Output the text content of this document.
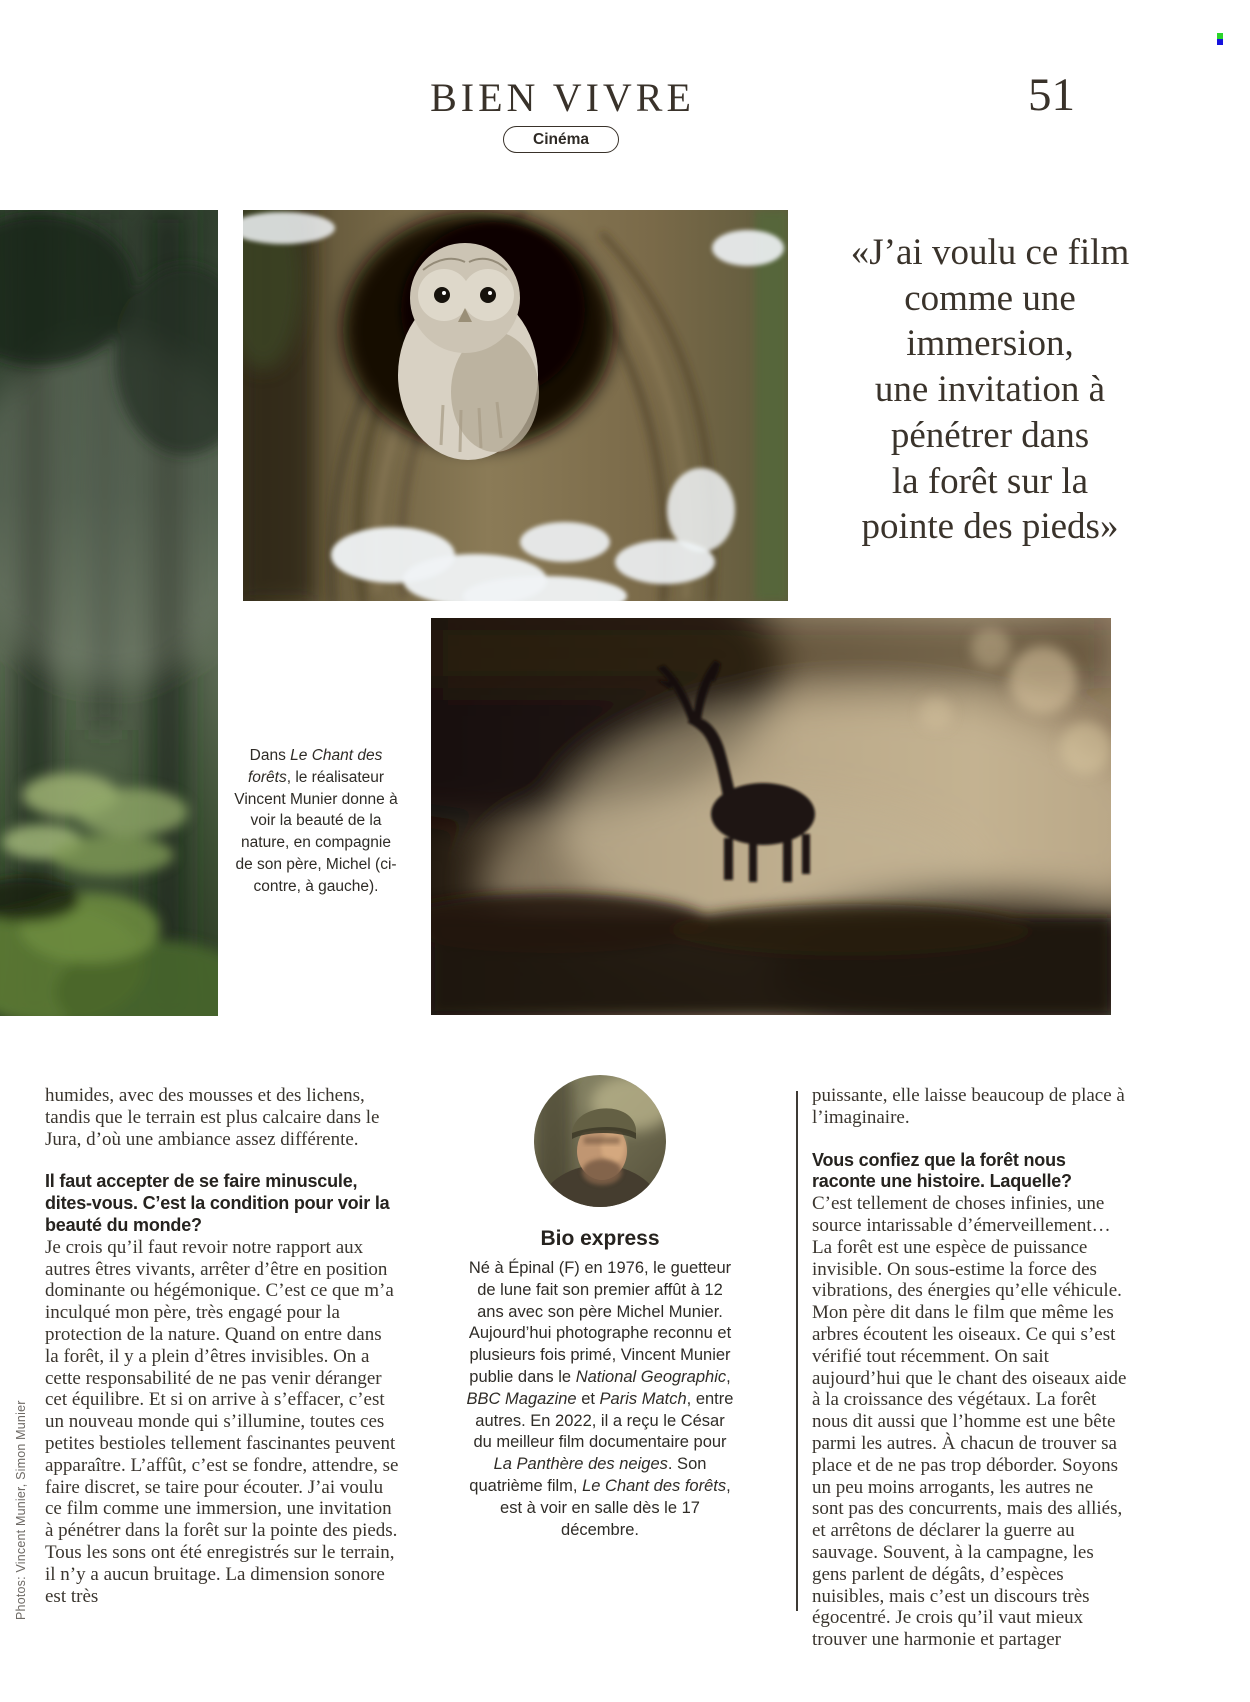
BIEN VIVRE
Cinéma
51
«J’ai voulu ce film
comme une
immersion,
une invitation à
pénétrer dans
la forêt sur la
pointe des pieds»
Dans Le Chant des forêts, le réalisateur Vincent Munier donne à voir la beauté de la nature, en compagnie de son père, Michel (ci-contre, à gauche).

humides, avec des mousses et des lichens, tandis que le terrain est plus calcaire dans le Jura, d’où une ambiance assez différente.

Il faut accepter de se faire minuscule, dites-vous. C’est la condition pour voir la beauté du monde?

Je crois qu’il faut revoir notre rapport aux autres êtres vivants, arrêter d’être en position dominante ou hégémonique. C’est ce que m’a inculqué mon père, très engagé pour la protection de la nature. Quand on entre dans la forêt, il y a plein d’êtres invisibles. On a cette responsabilité de ne pas venir déranger cet équilibre. Et si on arrive à s’effacer, c’est un nouveau monde qui s’illumine, toutes ces petites bestioles tellement fascinantes peuvent apparaître. L’affût, c’est se fondre, attendre, se faire discret, se taire pour écouter. J’ai voulu ce film comme une immersion, une invitation à pénétrer dans la forêt sur la pointe des pieds. Tous les sons ont été enregistrés sur le terrain, il n’y a aucun bruitage. La dimension sonore est très

Bio express
Né à Épinal (F) en 1976, le guetteur de lune fait son premier affût à 12 ans avec son père Michel Munier. Aujourd’hui photographe reconnu et plusieurs fois primé, Vincent Munier publie dans le National Geographic, BBC Magazine et Paris Match, entre autres. En 2022, il a reçu le César du meilleur film documentaire pour La Panthère des neiges. Son quatrième film, Le Chant des forêts, est à voir en salle dès le 17 décembre.

puissante, elle laisse beaucoup de place à l’imaginaire.

Vous confiez que la forêt nous raconte une histoire. Laquelle?

C’est tellement de choses infinies, une source intarissable d’émerveillement… La forêt est une espèce de puissance invisible. On sous-estime la force des vibrations, des énergies qu’elle véhicule. Mon père dit dans le film que même les arbres écoutent les oiseaux. Ce qui s’est vérifié tout récemment. On sait aujourd’hui que le chant des oiseaux aide à la croissance des végétaux. La forêt nous dit aussi que l’homme est une bête parmi les autres. À chacun de trouver sa place et de ne pas trop déborder. Soyons un peu moins arrogants, les autres ne sont pas des concurrents, mais des alliés, et arrêtons de déclarer la guerre au sauvage. Souvent, à la campagne, les gens parlent de dégâts, d’espèces nuisibles, mais c’est un discours très égocentré. Je crois qu’il vaut mieux trouver une harmonie et partager

Photos: Vincent Munier, Simon Munier
